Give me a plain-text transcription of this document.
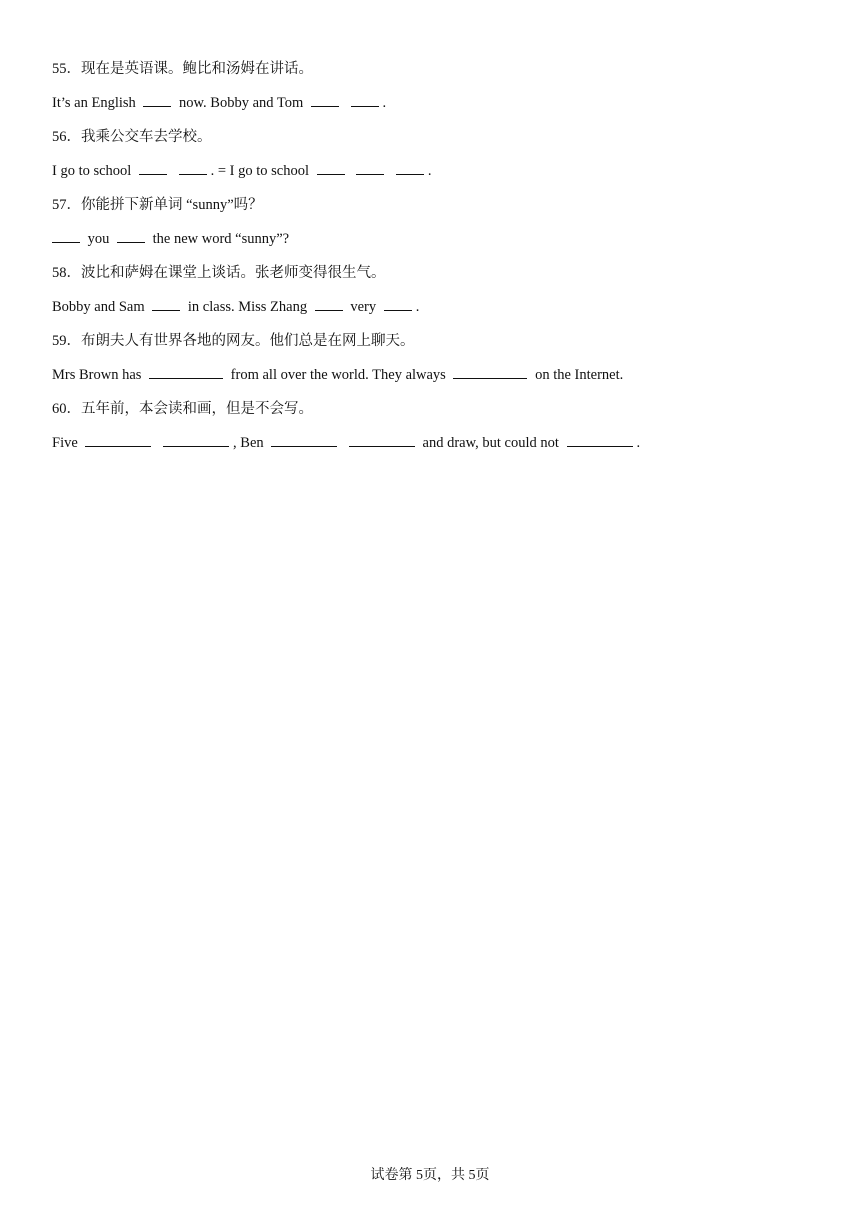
55．现在是英语课。鲍比和汤姆在讲话。
It’s an English	now. Bobby and Tom	.
56．我乘公交车去学校。
I go to school	. = I go to school	.
57．你能拼下新单词 “sunny”吗？
you	the new word “sunny”?
58．波比和萨姆在课堂上谈话。张老师变得很生气。
Bobby and Sam	in class. Miss Zhang	very	.
59．布朗夫人有世界各地的网友。他们总是在网上聊天。
Mrs Brown has	from all over the world. They always	on the Internet.
60．五年前，本会读和画，但是不会写。
Five	, Ben	and draw, but could not	.
试卷第 5页，共 5页
